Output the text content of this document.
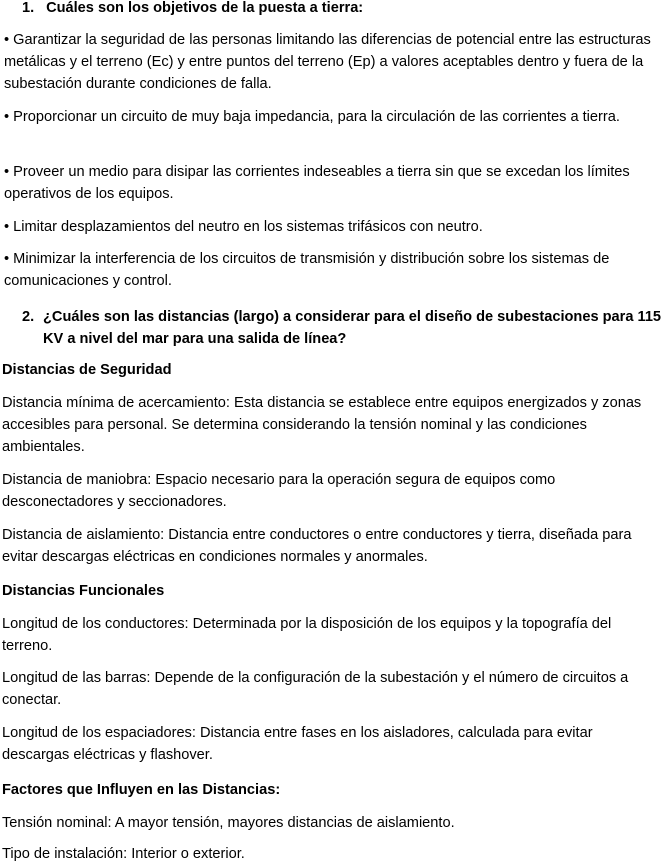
1. Cuáles son los objetivos de la puesta a tierra:

• Garantizar la seguridad de las personas limitando las diferencias de potencial entre las estructuras metálicas y el terreno (Ec) y entre puntos del terreno (Ep) a valores aceptables dentro y fuera de la subestación durante condiciones de falla.

• Proporcionar un circuito de muy baja impedancia, para la circulación de las corrientes a tierra.

• Proveer un medio para disipar las corrientes indeseables a tierra sin que se excedan los límites operativos de los equipos.

• Limitar desplazamientos del neutro en los sistemas trifásicos con neutro.

• Minimizar la interferencia de los circuitos de transmisión y distribución sobre los sistemas de comunicaciones y control.

2. ¿Cuáles son las distancias (largo) a considerar para el diseño de subestaciones para 115 KV a nivel del mar para una salida de línea?

Distancias de Seguridad

Distancia mínima de acercamiento: Esta distancia se establece entre equipos energizados y zonas accesibles para personal. Se determina considerando la tensión nominal y las condiciones ambientales.

Distancia de maniobra: Espacio necesario para la operación segura de equipos como desconectadores y seccionadores.

Distancia de aislamiento: Distancia entre conductores o entre conductores y tierra, diseñada para evitar descargas eléctricas en condiciones normales y anormales.

Distancias Funcionales

Longitud de los conductores: Determinada por la disposición de los equipos y la topografía del terreno.

Longitud de las barras: Depende de la configuración de la subestación y el número de circuitos a conectar.

Longitud de los espaciadores: Distancia entre fases en los aisladores, calculada para evitar descargas eléctricas y flashover.

Factores que Influyen en las Distancias:

Tensión nominal: A mayor tensión, mayores distancias de aislamiento.

Tipo de instalación: Interior o exterior.
